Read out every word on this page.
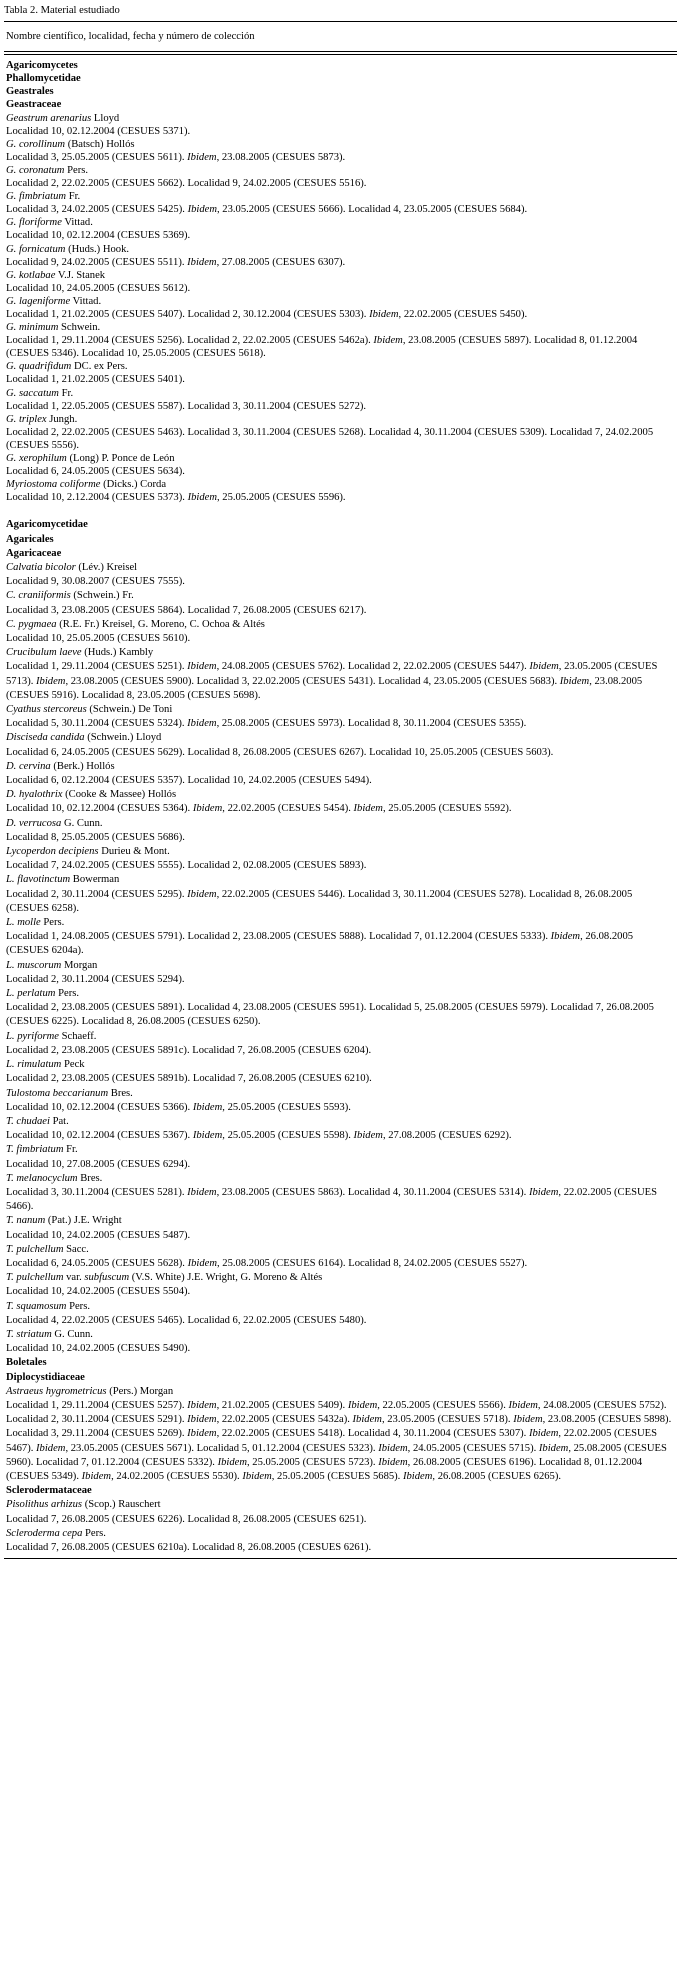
Tabla 2. Material estudiado
Nombre científico, localidad, fecha y número de colección
Agaricomycetes
Phallomycetidae
Geastrales
Geastraceae
Geastrum arenarius Lloyd
Localidad 10, 02.12.2004 (CESUES 5371).
G. corollinum (Batsch) Hollós
Localidad 3, 25.05.2005 (CESUES 5611). Ibidem, 23.08.2005 (CESUES 5873).
G. coronatum Pers.
Localidad 2, 22.02.2005 (CESUES 5662). Localidad 9, 24.02.2005 (CESUES 5516).
G. fimbriatum Fr.
Localidad 3, 24.02.2005 (CESUES 5425). Ibidem, 23.05.2005 (CESUES 5666). Localidad 4, 23.05.2005 (CESUES 5684).
G. floriforme Vittad.
Localidad 10, 02.12.2004 (CESUES 5369).
G. fornicatum (Huds.) Hook.
Localidad 9, 24.02.2005 (CESUES 5511). Ibidem, 27.08.2005 (CESUES 6307).
G. kotlabae V.J. Stanek
Localidad 10, 24.05.2005 (CESUES 5612).
G. lageniforme Vittad.
Localidad 1, 21.02.2005 (CESUES 5407). Localidad 2, 30.12.2004 (CESUES 5303). Ibidem, 22.02.2005 (CESUES 5450).
G. minimum Schwein.
Localidad 1, 29.11.2004 (CESUES 5256). Localidad 2, 22.02.2005 (CESUES 5462a). Ibidem, 23.08.2005 (CESUES 5897). Localidad 8, 01.12.2004 (CESUES 5346). Localidad 10, 25.05.2005 (CESUES 5618).
G. quadrifidum DC. ex Pers.
Localidad 1, 21.02.2005 (CESUES 5401).
G. saccatum Fr.
Localidad 1, 22.05.2005 (CESUES 5587). Localidad 3, 30.11.2004 (CESUES 5272).
G. triplex Jungh.
Localidad 2, 22.02.2005 (CESUES 5463). Localidad 3, 30.11.2004 (CESUES 5268). Localidad 4, 30.11.2004 (CESUES 5309). Localidad 7, 24.02.2005 (CESUES 5556).
G. xerophilum (Long) P. Ponce de León
Localidad 6, 24.05.2005 (CESUES 5634).
Myriostoma coliforme (Dicks.) Corda
Localidad 10, 2.12.2004 (CESUES 5373). Ibidem, 25.05.2005 (CESUES 5596).
Agaricomycetidae
Agaricales
Agaricaceae
Calvatia bicolor (Lév.) Kreisel
Localidad 9, 30.08.2007 (CESUES 7555).
C. craniiformis (Schwein.) Fr.
Localidad 3, 23.08.2005 (CESUES 5864). Localidad 7, 26.08.2005 (CESUES 6217).
C. pygmaea (R.E. Fr.) Kreisel, G. Moreno, C. Ochoa & Altés
Localidad 10, 25.05.2005 (CESUES 5610).
Crucibulum laeve (Huds.) Kambly
Localidad 1, 29.11.2004 (CESUES 5251). Ibidem, 24.08.2005 (CESUES 5762). Localidad 2, 22.02.2005 (CESUES 5447). Ibidem, 23.05.2005 (CESUES 5713). Ibidem, 23.08.2005 (CESUES 5900). Localidad 3, 22.02.2005 (CESUES 5431). Localidad 4, 23.05.2005 (CESUES 5683). Ibidem, 23.08.2005 (CESUES 5916). Localidad 8, 23.05.2005 (CESUES 5698).
Cyathus stercoreus (Schwein.) De Toni
Localidad 5, 30.11.2004 (CESUES 5324). Ibidem, 25.08.2005 (CESUES 5973). Localidad 8, 30.11.2004 (CESUES 5355).
Disciseda candida (Schwein.) Lloyd
Localidad 6, 24.05.2005 (CESUES 5629). Localidad 8, 26.08.2005 (CESUES 6267). Localidad 10, 25.05.2005 (CESUES 5603).
D. cervina (Berk.) Hollós
Localidad 6, 02.12.2004 (CESUES 5357). Localidad 10, 24.02.2005 (CESUES 5494).
D. hyalothrix (Cooke & Massee) Hollós
Localidad 10, 02.12.2004 (CESUES 5364). Ibidem, 22.02.2005 (CESUES 5454). Ibidem, 25.05.2005 (CESUES 5592).
D. verrucosa G. Cunn.
Localidad 8, 25.05.2005 (CESUES 5686).
Lycoperdon decipiens Durieu & Mont.
Localidad 7, 24.02.2005 (CESUES 5555). Localidad 2, 02.08.2005 (CESUES 5893).
L. flavotinctum Bowerman
Localidad 2, 30.11.2004 (CESUES 5295). Ibidem, 22.02.2005 (CESUES 5446). Localidad 3, 30.11.2004 (CESUES 5278). Localidad 8, 26.08.2005 (CESUES 6258).
L. molle Pers.
Localidad 1, 24.08.2005 (CESUES 5791). Localidad 2, 23.08.2005 (CESUES 5888). Localidad 7, 01.12.2004 (CESUES 5333). Ibidem, 26.08.2005 (CESUES 6204a).
L. muscorum Morgan
Localidad 2, 30.11.2004 (CESUES 5294).
L. perlatum Pers.
Localidad 2, 23.08.2005 (CESUES 5891). Localidad 4, 23.08.2005 (CESUES 5951). Localidad 5, 25.08.2005 (CESUES 5979). Localidad 7, 26.08.2005 (CESUES 6225). Localidad 8, 26.08.2005 (CESUES 6250).
L. pyriforme Schaeff.
Localidad 2, 23.08.2005 (CESUES 5891c). Localidad 7, 26.08.2005 (CESUES 6204).
L. rimulatum Peck
Localidad 2, 23.08.2005 (CESUES 5891b). Localidad 7, 26.08.2005 (CESUES 6210).
Tulostoma beccarianum Bres.
Localidad 10, 02.12.2004 (CESUES 5366). Ibidem, 25.05.2005 (CESUES 5593).
T. chudaei Pat.
Localidad 10, 02.12.2004 (CESUES 5367). Ibidem, 25.05.2005 (CESUES 5598). Ibidem, 27.08.2005 (CESUES 6292).
T. fimbriatum Fr.
Localidad 10, 27.08.2005 (CESUES 6294).
T. melanocyclum Bres.
Localidad 3, 30.11.2004 (CESUES 5281). Ibidem, 23.08.2005 (CESUES 5863). Localidad 4, 30.11.2004 (CESUES 5314). Ibidem, 22.02.2005 (CESUES 5466).
T. nanum (Pat.) J.E. Wright
Localidad 10, 24.02.2005 (CESUES 5487).
T. pulchellum Sacc.
Localidad 6, 24.05.2005 (CESUES 5628). Ibidem, 25.08.2005 (CESUES 6164). Localidad 8, 24.02.2005 (CESUES 5527).
T. pulchellum var. subfuscum (V.S. White) J.E. Wright, G. Moreno & Altés
Localidad 10, 24.02.2005 (CESUES 5504).
T. squamosum Pers.
Localidad 4, 22.02.2005 (CESUES 5465). Localidad 6, 22.02.2005 (CESUES 5480).
T. striatum G. Cunn.
Localidad 10, 24.02.2005 (CESUES 5490).
Boletales
Diplocystidiaceae
Astraeus hygrometricus (Pers.) Morgan
Localidad 1, 29.11.2004 (CESUES 5257). Ibidem, 21.02.2005 (CESUES 5409). Ibidem, 22.05.2005 (CESUES 5566). Ibidem, 24.08.2005 (CESUES 5752). Localidad 2, 30.11.2004 (CESUES 5291). Ibidem, 22.02.2005 (CESUES 5432a). Ibidem, 23.05.2005 (CESUES 5718). Ibidem, 23.08.2005 (CESUES 5898). Localidad 3, 29.11.2004 (CESUES 5269). Ibidem, 22.02.2005 (CESUES 5418). Localidad 4, 30.11.2004 (CESUES 5307). Ibidem, 22.02.2005 (CESUES 5467). Ibidem, 23.05.2005 (CESUES 5671). Localidad 5, 01.12.2004 (CESUES 5323). Ibidem, 24.05.2005 (CESUES 5715). Ibidem, 25.08.2005 (CESUES 5960). Localidad 7, 01.12.2004 (CESUES 5332). Ibidem, 25.05.2005 (CESUES 5723). Ibidem, 26.08.2005 (CESUES 6196). Localidad 8, 01.12.2004 (CESUES 5349). Ibidem, 24.02.2005 (CESUES 5530). Ibidem, 25.05.2005 (CESUES 5685). Ibidem, 26.08.2005 (CESUES 6265).
Sclerodermataceae
Pisolithus arhizus (Scop.) Rauschert
Localidad 7, 26.08.2005 (CESUES 6226). Localidad 8, 26.08.2005 (CESUES 6251).
Scleroderma cepa Pers.
Localidad 7, 26.08.2005 (CESUES 6210a). Localidad 8, 26.08.2005 (CESUES 6261).
